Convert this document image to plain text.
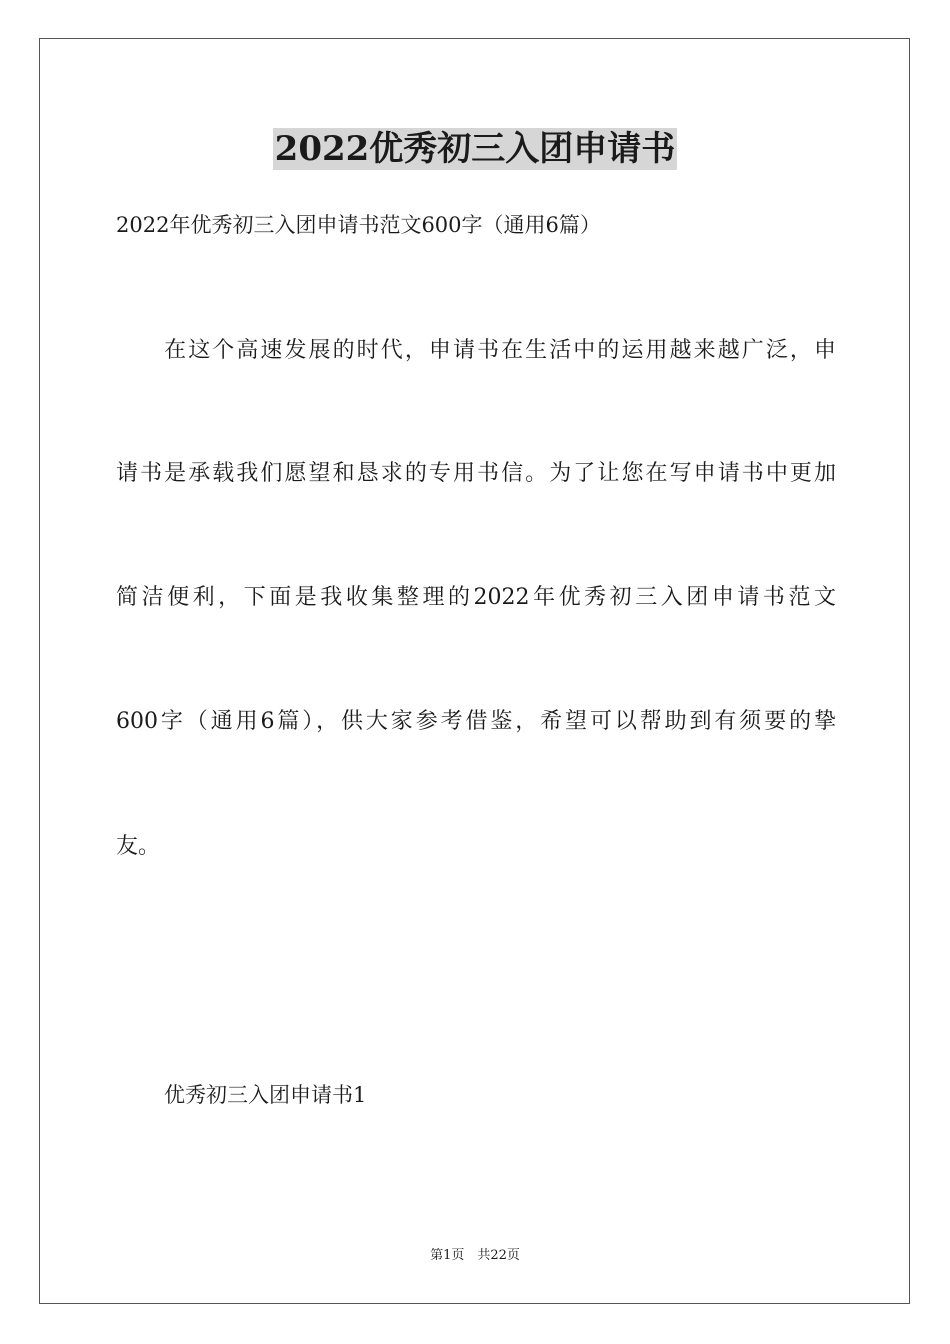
2022优秀初三入团申请书
2022年优秀初三入团申请书范文600字（通用6篇）
　　在这个高速发展的时代，申请书在生活中的运用越来越广泛，申
请书是承载我们愿望和恳求的专用书信。为了让您在写申请书中更加
简洁便利，下面是我收集整理的2022年优秀初三入团申请书范文
600字（通用6篇），供大家参考借鉴，希望可以帮助到有须要的挚
友。
优秀初三入团申请书1
第1页　共22页
